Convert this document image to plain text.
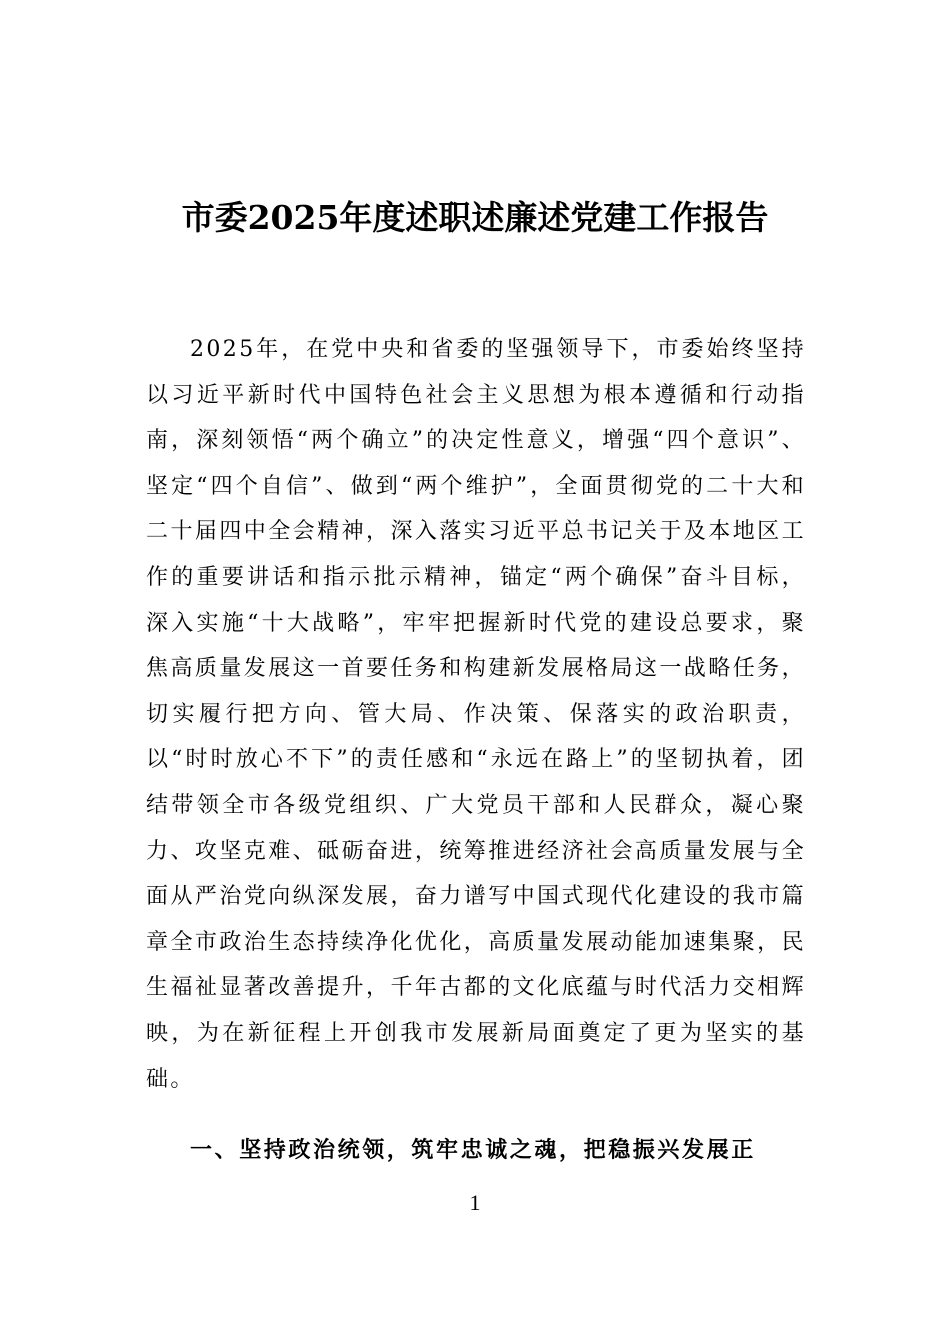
市委2025年度述职述廉述党建工作报告

2025年，在党中央和省委的坚强领导下，市委始终坚持以习近平新时代中国特色社会主义思想为根本遵循和行动指南，深刻领悟“两个确立”的决定性意义，增强“四个意识”、坚定“四个自信”、做到“两个维护”，全面贯彻党的二十大和二十届四中全会精神，深入落实习近平总书记关于及本地区工作的重要讲话和指示批示精神，锚定“两个确保”奋斗目标，深入实施“十大战略”，牢牢把握新时代党的建设总要求，聚焦高质量发展这一首要任务和构建新发展格局这一战略任务，切实履行把方向、管大局、作决策、保落实的政治职责，以“时时放心不下”的责任感和“永远在路上”的坚韧执着，团结带领全市各级党组织、广大党员干部和人民群众，凝心聚力、攻坚克难、砥砺奋进，统筹推进经济社会高质量发展与全面从严治党向纵深发展，奋力谱写中国式现代化建设的我市篇章全市政治生态持续净化优化，高质量发展动能加速集聚，民生福祉显著改善提升，千年古都的文化底蕴与时代活力交相辉映，为在新征程上开创我市发展新局面奠定了更为坚实的基础。

一、坚持政治统领，筑牢忠诚之魂，把稳振兴发展正
1
